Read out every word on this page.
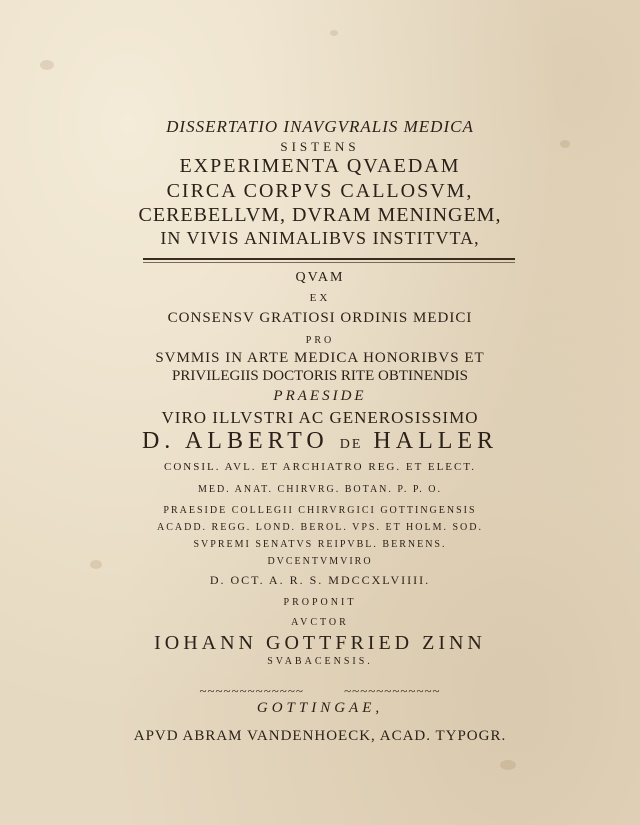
DISSERTATIO INAVGVRALIS MEDICA
SISTENS
EXPERIMENTA QVAEDAM
CIRCA CORPVS CALLOSVM,
CEREBELLVM, DVRAM MENINGEM,
IN VIVIS ANIMALIBVS INSTITVTA,
QVAM
EX
CONSENSV GRATIOSI ORDINIS MEDICI
PRO
SVMMIS IN ARTE MEDICA HONORIBVS ET
PRIVILEGIIS DOCTORIS RITE OBTINENDIS
PRAESIDE
VIRO ILLVSTRI AC GENEROSISSIMO
D. ALBERTO DE HALLER
CONSIL. AVL. ET ARCHIATRO REG. ET ELECT.
MED. ANAT. CHIRVRG. BOTAN. P. P. O.
PRAESIDE COLLEGII CHIRVRGICI GOTTINGENSIS
ACADD. REGG. LOND. BEROL. VPS. ET HOLM. SOD.
SVPREMI SENATVS REIPVBL. BERNENS.
DVCENTVMVIRO
D. OCT. A. R. S. MDCCXLVIIII.
PROPONIT
AVCTOR
IOHANN GOTTFRIED ZINN
SVABACENSIS.
~~~~~~~~~~~~~	~~~~~~~~~~~~
GOTTINGAE,
APVD ABRAM VANDENHOECK, ACAD. TYPOGR.
